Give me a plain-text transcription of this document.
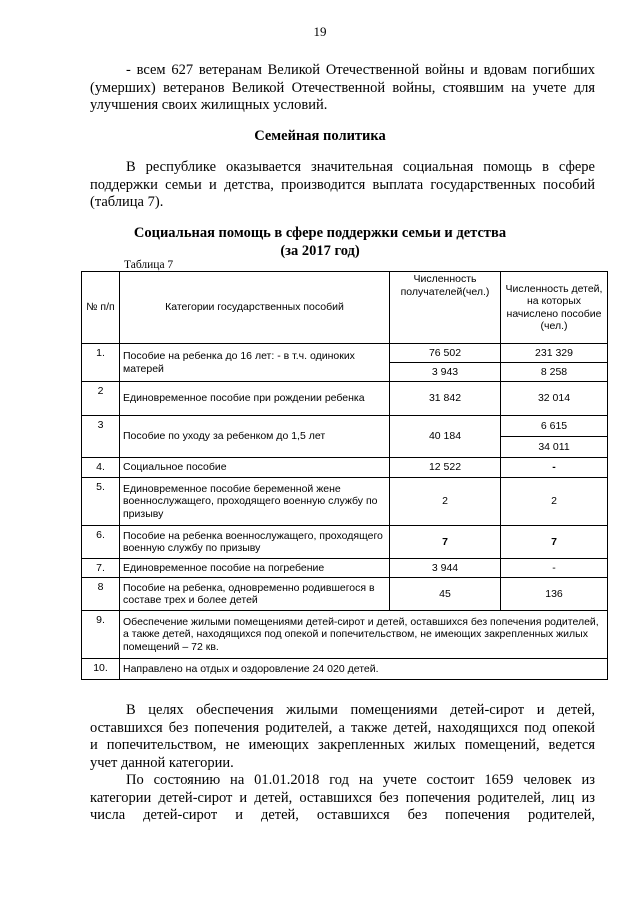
19
- всем 627 ветеранам Великой Отечественной войны и вдовам погибших
(умерших) ветеранов Великой Отечественной войны, стоявшим на учете для
улучшения своих жилищных условий.
Семейная политика
В республике оказывается значительная социальная помощь в сфере
поддержки семьи и детства, производится выплата государственных пособий
(таблица 7).
Социальная помощь в сфере поддержки семьи и детства
(за 2017 год)
Таблица 7
№ п/п	Категории государственных пособий	Численность получателей(чел.)	Численность детей, на которых начислено пособие (чел.)
1.	Пособие на ребенка до 16 лет: - в т.ч. одиноких матерей	76 502	231 329
		3 943	8 258
2	Единовременное пособие при рождении ребенка	31 842	32 014
3	Пособие по уходу за ребенком до 1,5 лет	40 184	6 615
			34 011
4.	Социальное пособие	12 522	-
5.	Единовременное пособие беременной жене военнослужащего, проходящего военную службу по призыву	2	2
6.	Пособие на ребенка военнослужащего, проходящего военную службу по призыву	7	7
7.	Единовременное пособие на погребение	3 944	-
8	Пособие на ребенка, одновременно родившегося в составе трех и более детей	45	136
9.	Обеспечение жилыми помещениями детей-сирот и детей, оставшихся без попечения родителей, а также детей, находящихся под опекой и попечительством, не имеющих закрепленных жилых помещений – 72 кв.		
10.	Направлено на отдых и оздоровление 24 020 детей.		
В целях обеспечения жилыми помещениями детей-сирот и детей,
оставшихся без попечения родителей, а также детей, находящихся под опекой
и попечительством, не имеющих закрепленных жилых помещений, ведется
учет данной категории.
По состоянию на 01.01.2018 год на учете состоит 1659 человек из
категории детей-сирот и детей, оставшихся без попечения родителей, лиц из
числа детей-сирот и детей, оставшихся без попечения родителей,
